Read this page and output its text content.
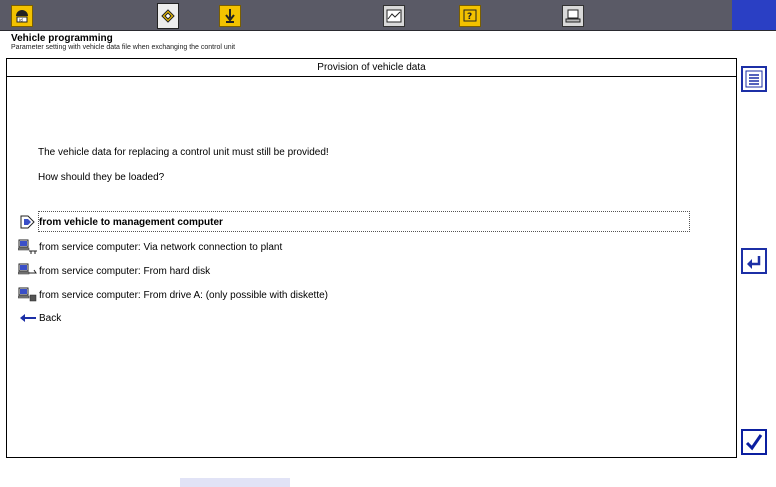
id	?
Vehicle programming
Parameter setting with vehicle data file when exchanging the control unit
Provision of vehicle data
The vehicle data for replacing a control unit must still be provided!
How should they be loaded?
from vehicle to management computer
from service computer: Via network connection to plant
from service computer: From hard disk
from service computer: From drive A: (only possible with diskette)
Back
